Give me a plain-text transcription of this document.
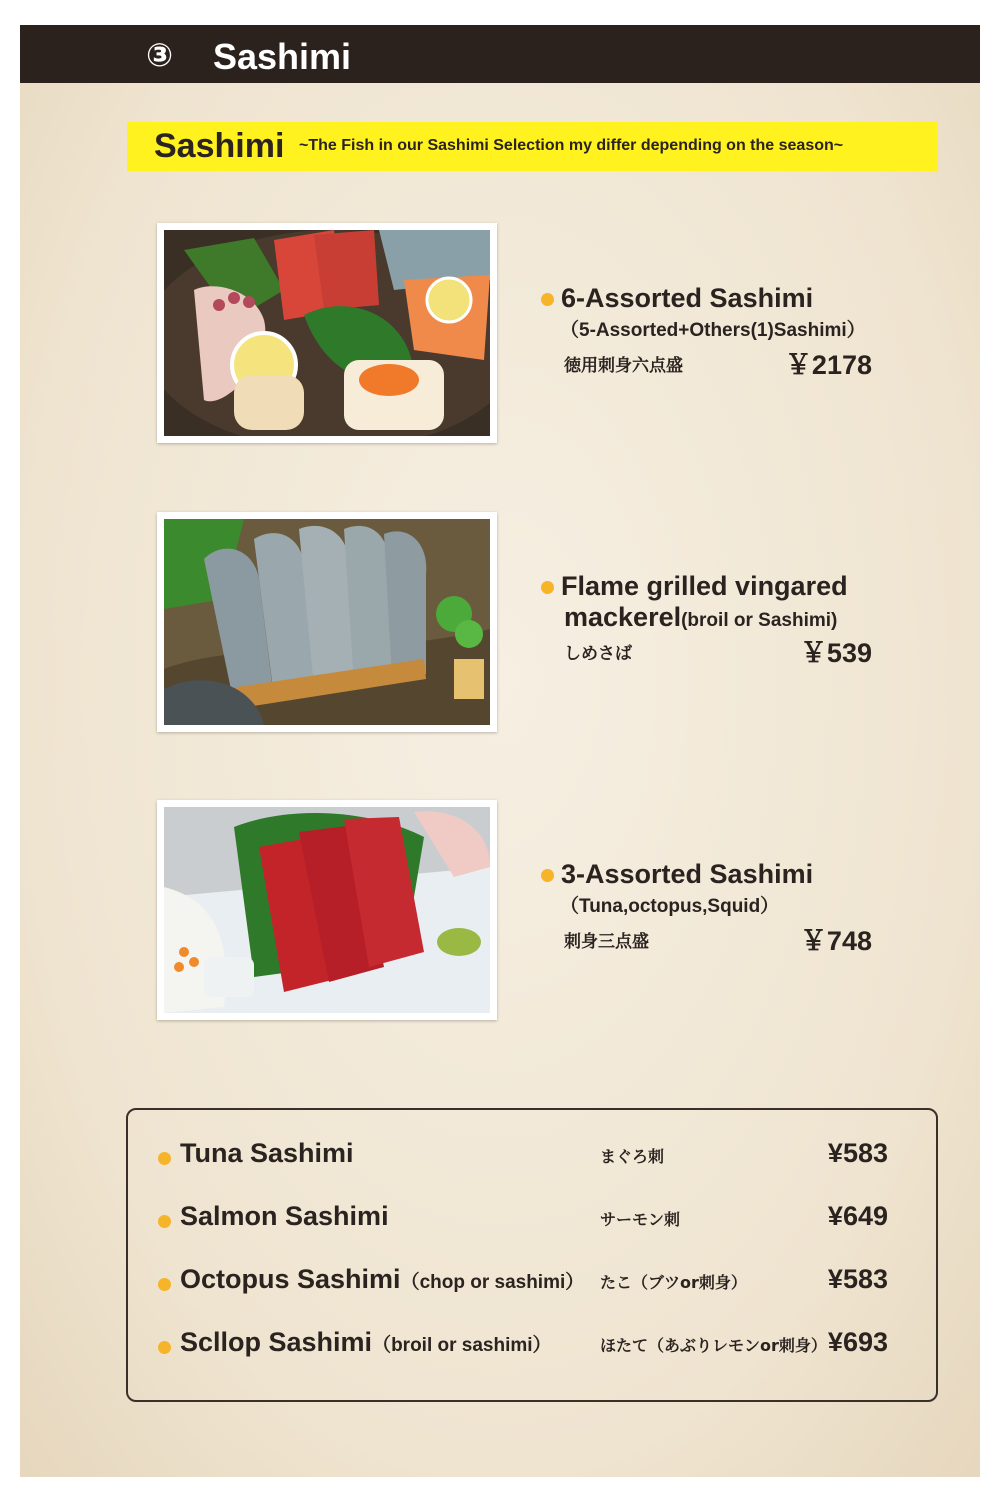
③ Sashimi
Sashimi ~The Fish in our Sashimi Selection my differ depending on the season~
6-Assorted Sashimi
（5-Assorted+Others(1)Sashimi）
徳用刺身六点盛	￥2178
Flame grilled vingared
mackerel(broil or Sashimi)
しめさば	￥539
3-Assorted Sashimi
（Tuna,octopus,Squid）
刺身三点盛	￥748
Tuna Sashimi	まぐろ刺	¥583
Salmon Sashimi	サーモン刺	¥649
Octopus Sashimi（chop or sashimi） たこ（ブツor刺身）	¥583
Scllop Sashimi（broil or sashimi）	ほたて（あぶりレモンor刺身） ¥693
